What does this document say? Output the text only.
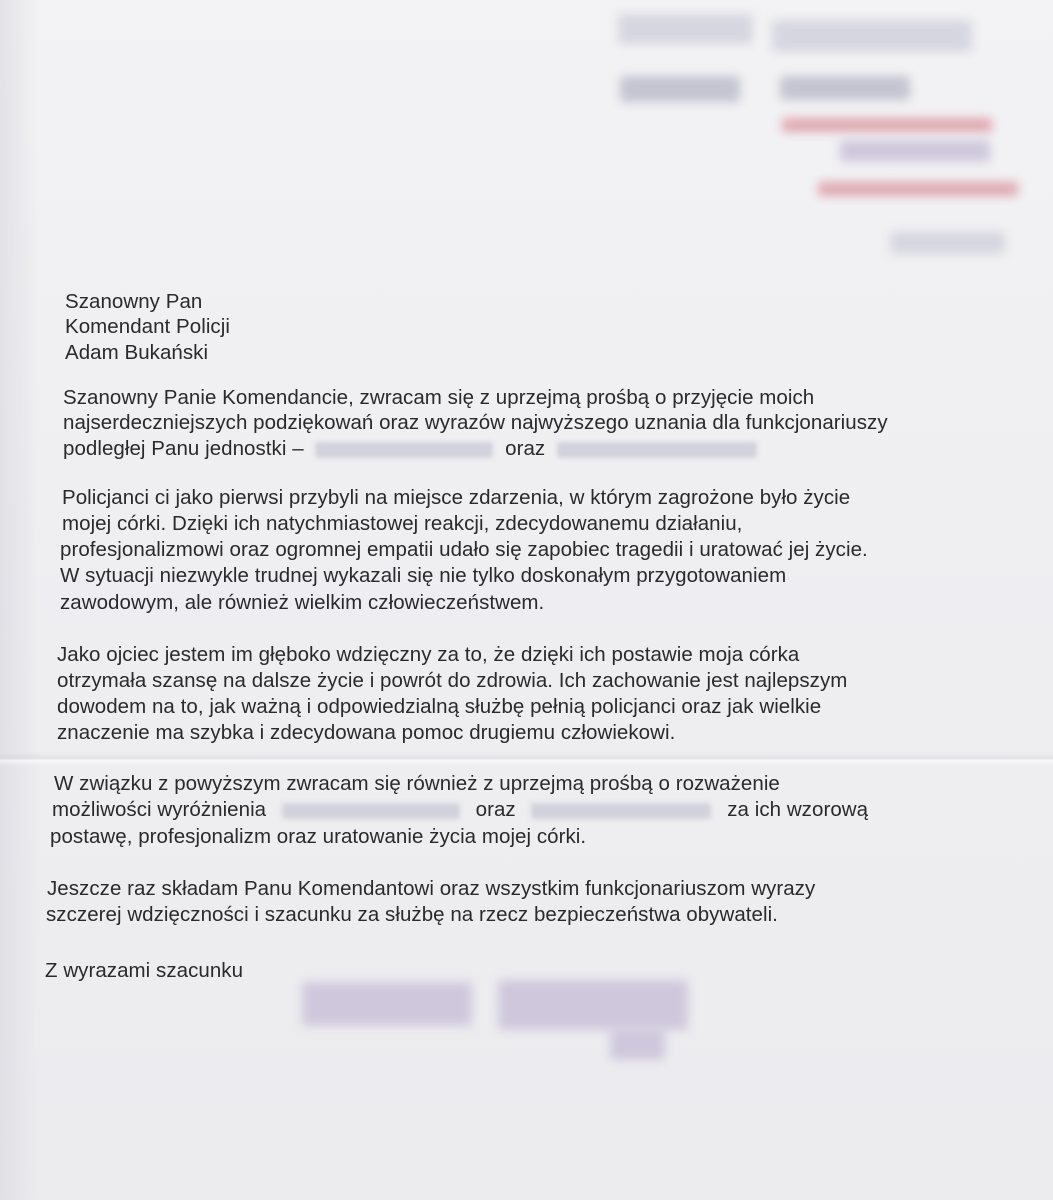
Szanowny Pan
Komendant Policji
Adam Bukański
Szanowny Panie Komendancie, zwracam się z uprzejmą prośbą o przyjęcie moich
najserdeczniejszych podziękowań oraz wyrazów najwyższego uznania dla funkcjonariuszy
podległej Panu jednostki –	oraz
Policjanci ci jako pierwsi przybyli na miejsce zdarzenia, w którym zagrożone było życie
mojej córki. Dzięki ich natychmiastowej reakcji, zdecydowanemu działaniu,
profesjonalizmowi oraz ogromnej empatii udało się zapobiec tragedii i uratować jej życie.
W sytuacji niezwykle trudnej wykazali się nie tylko doskonałym przygotowaniem
zawodowym, ale również wielkim człowieczeństwem.
Jako ojciec jestem im głęboko wdzięczny za to, że dzięki ich postawie moja córka
otrzymała szansę na dalsze życie i powrót do zdrowia. Ich zachowanie jest najlepszym
dowodem na to, jak ważną i odpowiedzialną służbę pełnią policjanci oraz jak wielkie
znaczenie ma szybka i zdecydowana pomoc drugiemu człowiekowi.
W związku z powyższym zwracam się również z uprzejmą prośbą o rozważenie
możliwości wyróżnienia	oraz	za ich wzorową
postawę, profesjonalizm oraz uratowanie życia mojej córki.
Jeszcze raz składam Panu Komendantowi oraz wszystkim funkcjonariuszom wyrazy
szczerej wdzięczności i szacunku za służbę na rzecz bezpieczeństwa obywateli.
Z wyrazami szacunku
